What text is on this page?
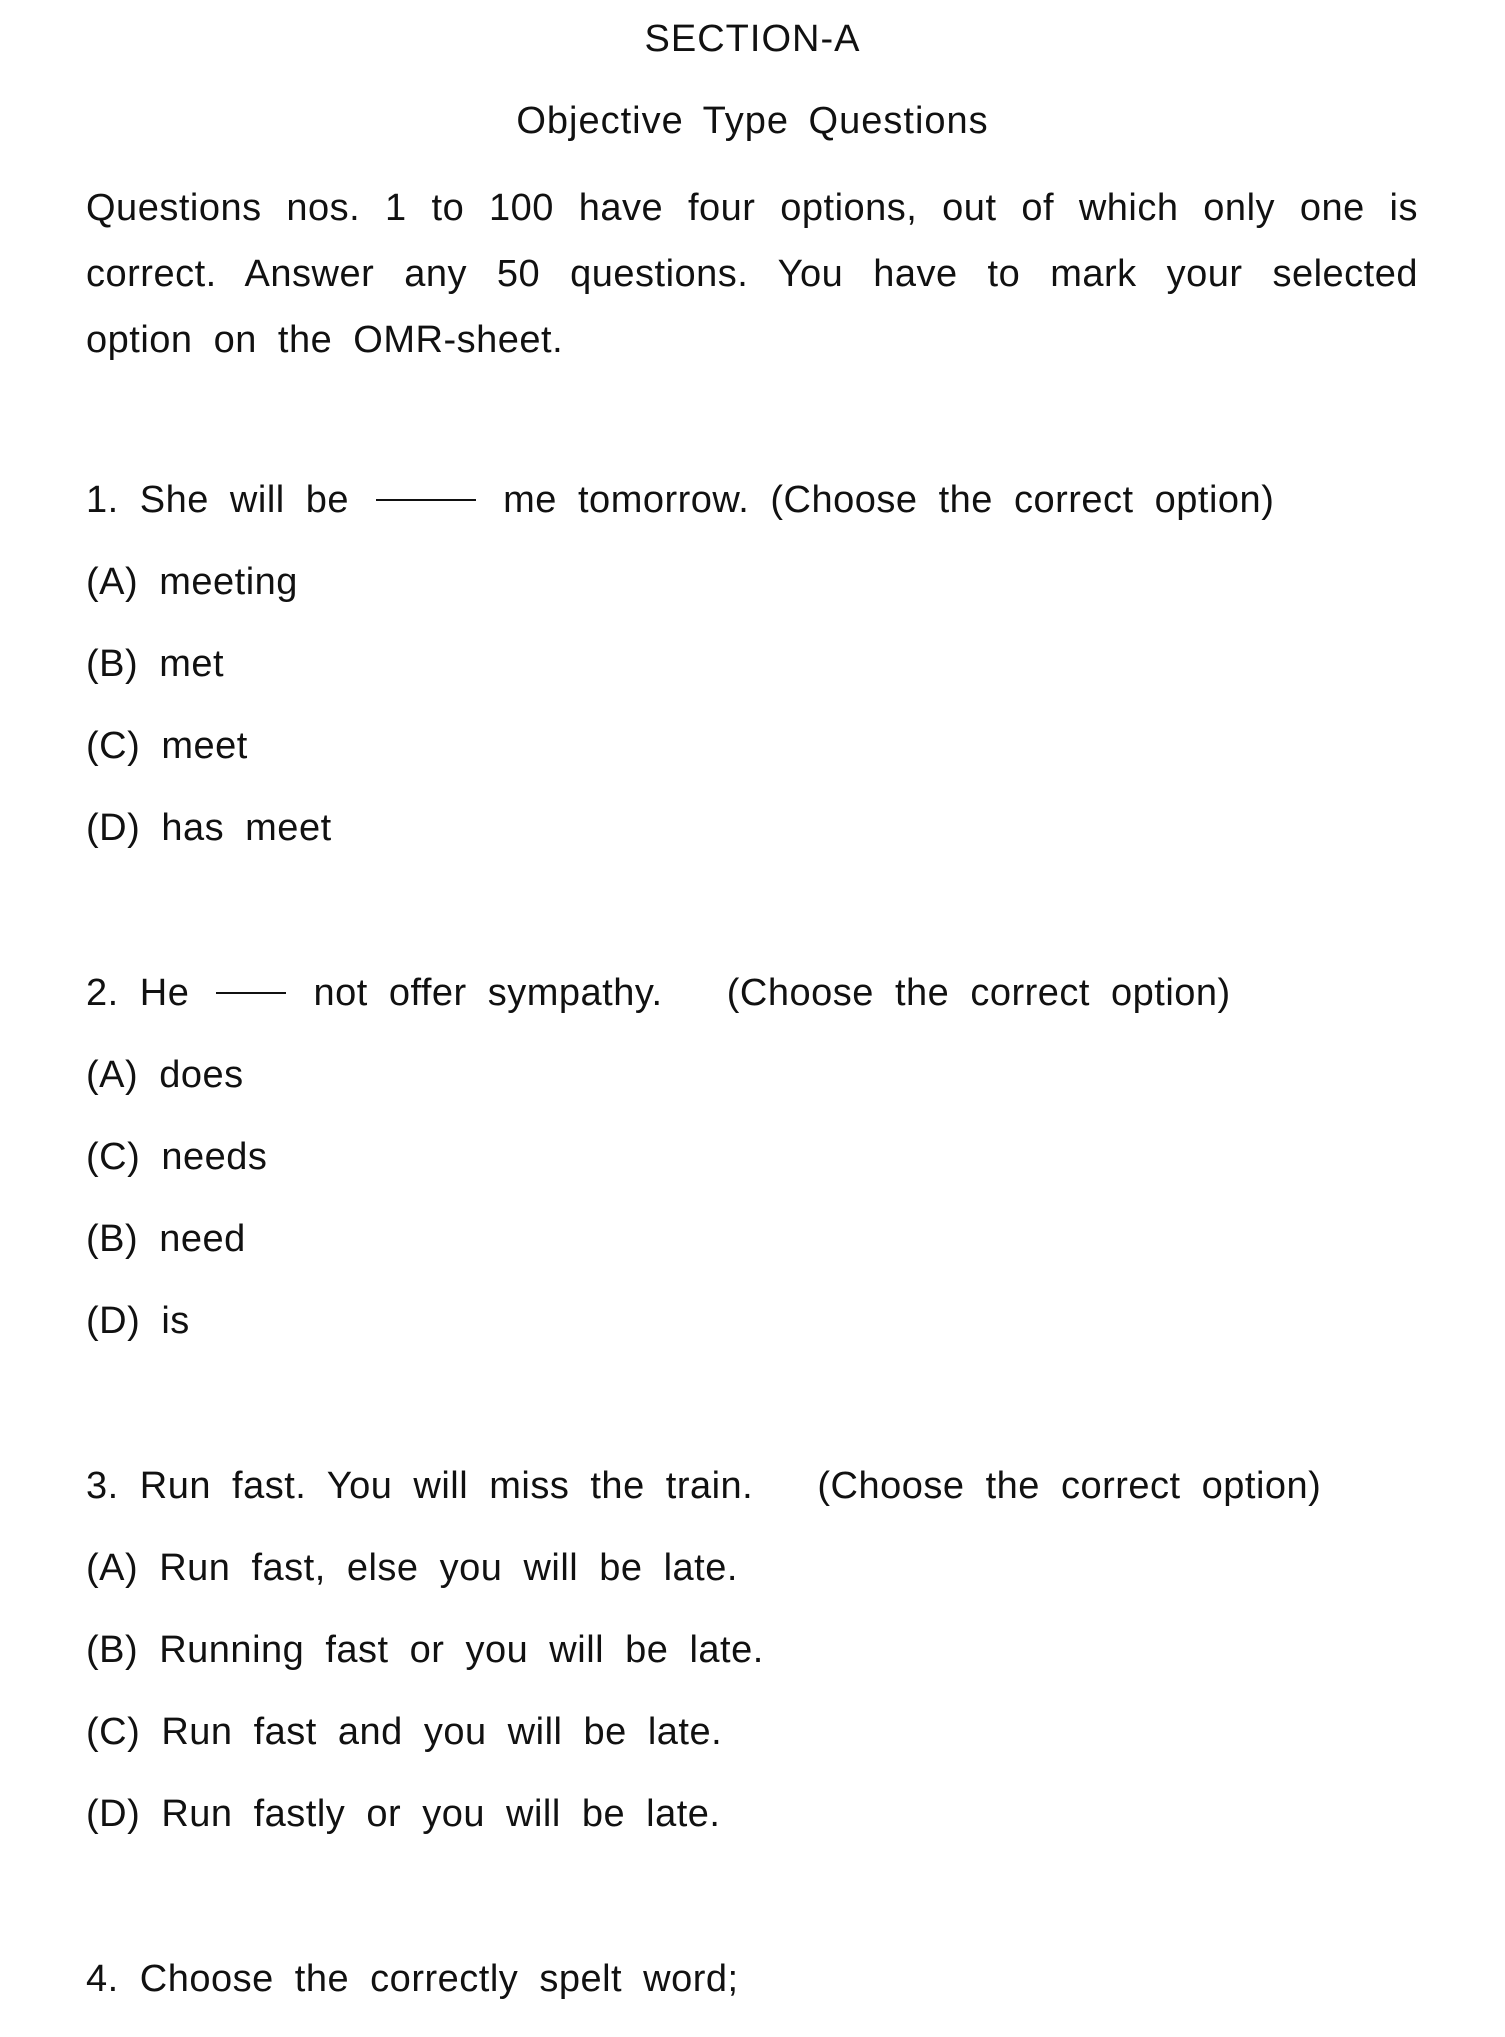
SECTION-A
Objective Type Questions

Questions nos. 1 to 100 have four options, out of which only one is correct. Answer any 50 questions. You have to mark your selected option on the OMR-sheet.

1. She will be	me tomorrow. (Choose the correct option)
(A) meeting
(B) met
(C) meet
(D) has meet
2. He	not offer sympathy. (Choose the correct option)
(A) does
(C) needs
(B) need
(D) is
3. Run fast. You will miss the train. (Choose the correct option)
(A) Run fast, else you will be late.
(B) Running fast or you will be late.
(C) Run fast and you will be late.
(D) Run fastly or you will be late.
4. Choose the correctly spelt word;
